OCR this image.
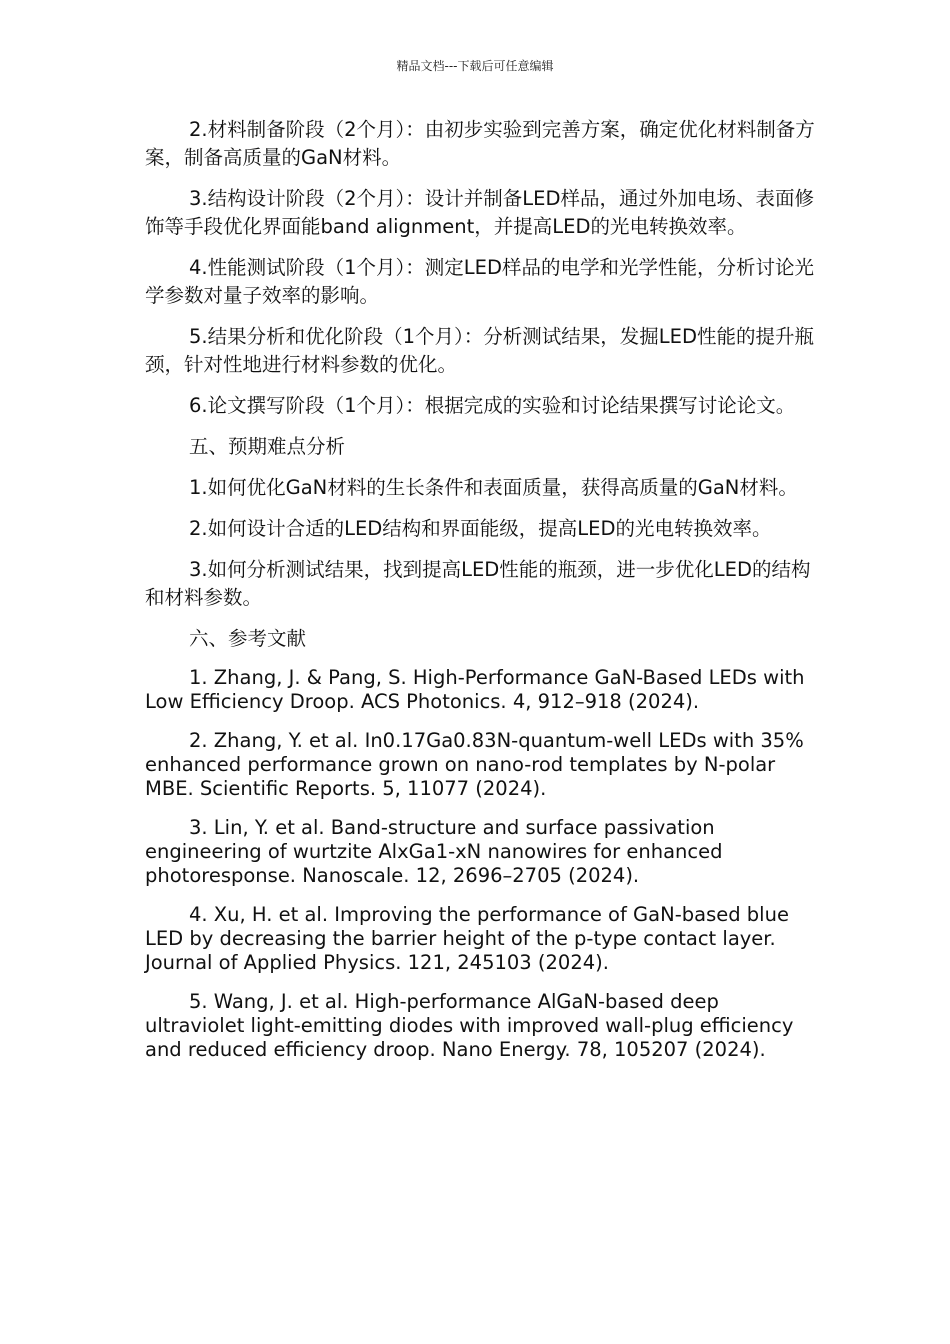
精品文档---下载后可任意编辑

2.材料制备阶段（2个月）：由初步实验到完善方案，确定优化材料制备方案，制备高质量的GaN材料。

3.结构设计阶段（2个月）：设计并制备LED样品，通过外加电场、表面修饰等手段优化界面能band alignment，并提高LED的光电转换效率。

4.性能测试阶段（1个月）：测定LED样品的电学和光学性能，分析讨论光学参数对量子效率的影响。

5.结果分析和优化阶段（1个月）：分析测试结果，发掘LED性能的提升瓶颈，针对性地进行材料参数的优化。

6.论文撰写阶段（1个月）：根据完成的实验和讨论结果撰写讨论论文。

五、预期难点分析

1.如何优化GaN材料的生长条件和表面质量，获得高质量的GaN材料。

2.如何设计合适的LED结构和界面能级，提高LED的光电转换效率。

3.如何分析测试结果，找到提高LED性能的瓶颈，进一步优化LED的结构和材料参数。

六、参考文献

1. Zhang, J. & Pang, S. High-Performance GaN-Based LEDs with Low Efficiency Droop. ACS Photonics. 4, 912–918 (2024).

2. Zhang, Y. et al. In0.17Ga0.83N-quantum-well LEDs with 35% enhanced performance grown on nano-rod templates by N-polar MBE. Scientific Reports. 5, 11077 (2024).

3. Lin, Y. et al. Band-structure and surface passivation engineering of wurtzite AlxGa1-xN nanowires for enhanced photoresponse. Nanoscale. 12, 2696–2705 (2024).

4. Xu, H. et al. Improving the performance of GaN-based blue LED by decreasing the barrier height of the p-type contact layer. Journal of Applied Physics. 121, 245103 (2024).

5. Wang, J. et al. High-performance AlGaN-based deep ultraviolet light-emitting diodes with improved wall-plug efficiency and reduced efficiency droop. Nano Energy. 78, 105207 (2024).
